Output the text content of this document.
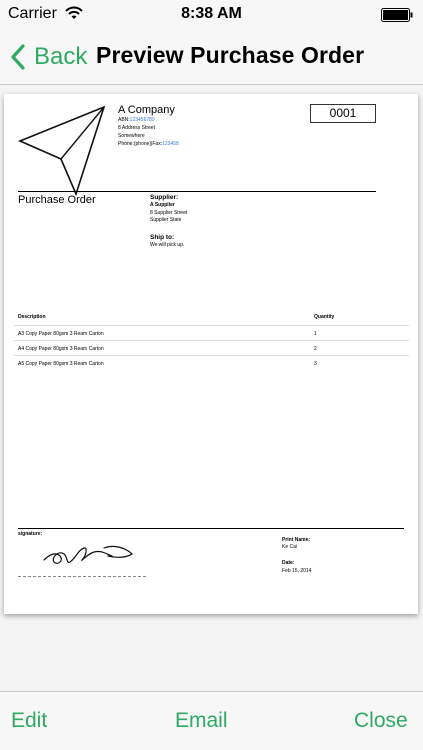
Carrier	8:38 AM
Back Preview Purchase Order
A Company
ABN:123456789
8 Address Street
Somewhere
Phone:(phone)|Fax:123458
0001
Purchase Order	Supplier:
A Supplier
8 Supplier Street
Supplier State
Ship to:
We will pick up.
Description	Quantity
A3 Copy Paper 80gsm 3 Ream Carton	1
A4 Copy Paper 80gsm 3 Ream Carton	2
A5 Copy Paper 80gsm 3 Ream Carton	3
signature:
Print Name:
Ke Cai
Date:
Feb 15, 2014
Edit	Email	Close
